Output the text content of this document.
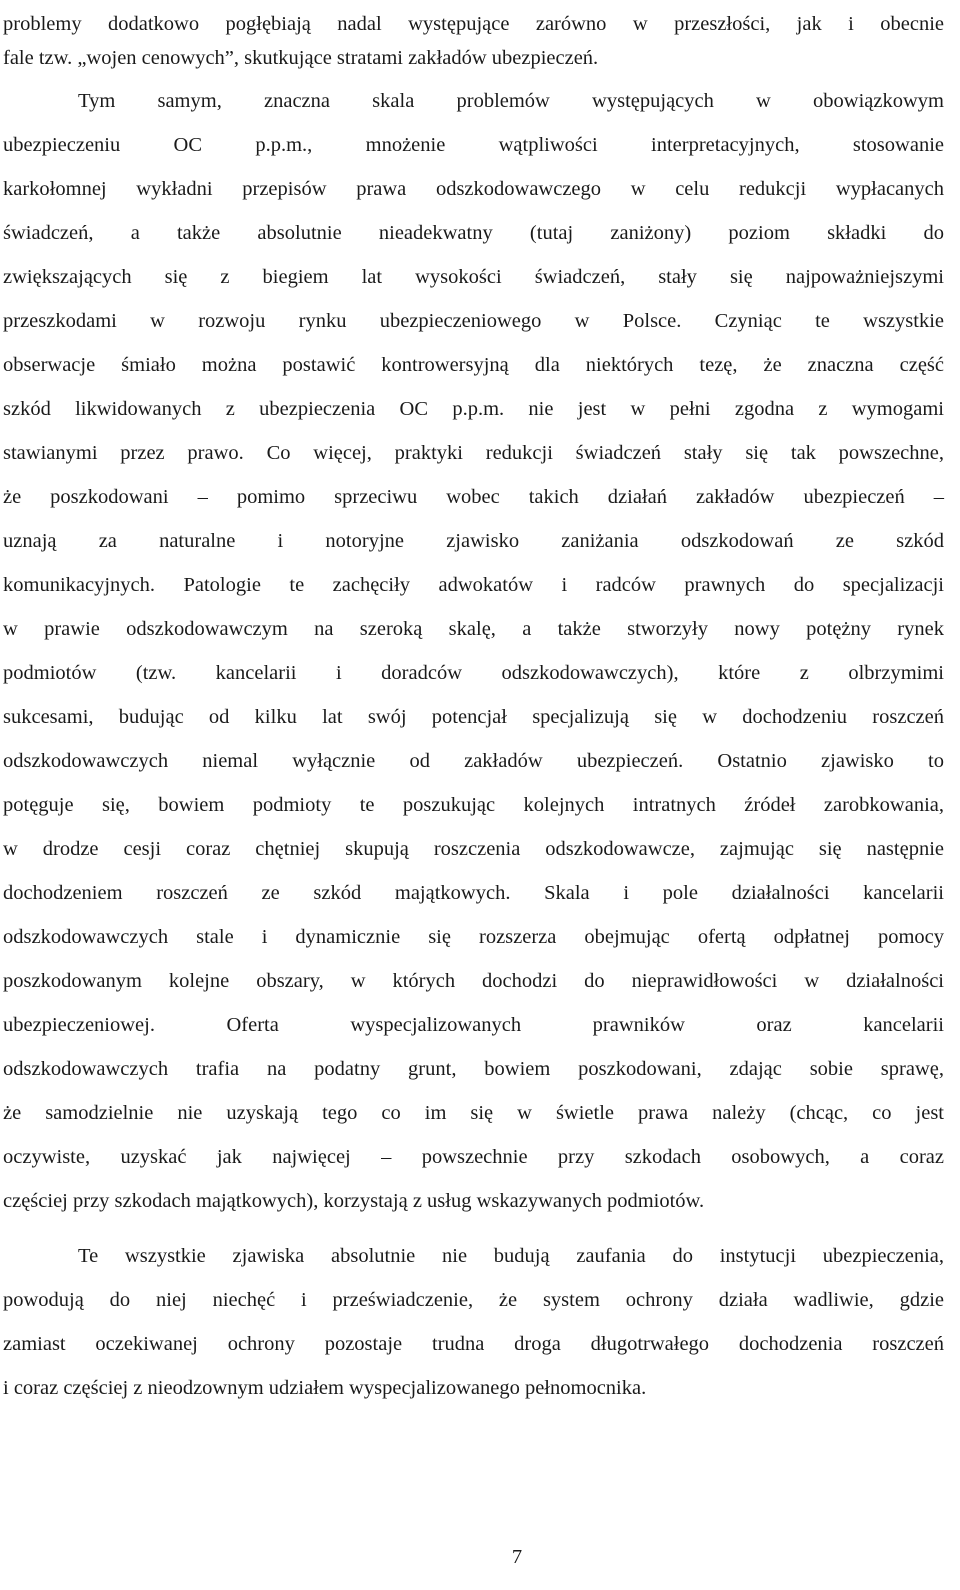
problemy dodatkowo pogłębiają nadal występujące zarówno w przeszłości, jak i obecnie
fale tzw. „wojen cenowych”, skutkujące stratami zakładów ubezpieczeń.
Tym samym, znaczna skala problemów występujących w obowiązkowym
ubezpieczeniu OC p.p.m., mnożenie wątpliwości interpretacyjnych, stosowanie
karkołomnej wykładni przepisów prawa odszkodowawczego w celu redukcji wypłacanych
świadczeń, a także absolutnie nieadekwatny (tutaj zaniżony) poziom składki do
zwiększających się z biegiem lat wysokości świadczeń, stały się najpoważniejszymi
przeszkodami w rozwoju rynku ubezpieczeniowego w Polsce. Czyniąc te wszystkie
obserwacje śmiało można postawić kontrowersyjną dla niektórych tezę, że znaczna część
szkód likwidowanych z ubezpieczenia OC p.p.m. nie jest w pełni zgodna z wymogami
stawianymi przez prawo. Co więcej, praktyki redukcji świadczeń stały się tak powszechne,
że poszkodowani – pomimo sprzeciwu wobec takich działań zakładów ubezpieczeń –
uznają za naturalne i notoryjne zjawisko zaniżania odszkodowań ze szkód
komunikacyjnych. Patologie te zachęciły adwokatów i radców prawnych do specjalizacji
w prawie odszkodowawczym na szeroką skalę, a także stworzyły nowy potężny rynek
podmiotów (tzw. kancelarii i doradców odszkodowawczych), które z olbrzymimi
sukcesami, budując od kilku lat swój potencjał specjalizują się w dochodzeniu roszczeń
odszkodowawczych niemal wyłącznie od zakładów ubezpieczeń. Ostatnio zjawisko to
potęguje się, bowiem podmioty te poszukując kolejnych intratnych źródeł zarobkowania,
w drodze cesji coraz chętniej skupują roszczenia odszkodowawcze, zajmując się następnie
dochodzeniem roszczeń ze szkód majątkowych. Skala i pole działalności kancelarii
odszkodowawczych stale i dynamicznie się rozszerza obejmując ofertą odpłatnej pomocy
poszkodowanym kolejne obszary, w których dochodzi do nieprawidłowości w działalności
ubezpieczeniowej. Oferta wyspecjalizowanych prawników oraz kancelarii
odszkodowawczych trafia na podatny grunt, bowiem poszkodowani, zdając sobie sprawę,
że samodzielnie nie uzyskają tego co im się w świetle prawa należy (chcąc, co jest
oczywiste, uzyskać jak najwięcej – powszechnie przy szkodach osobowych, a coraz
częściej przy szkodach majątkowych), korzystają z usług wskazywanych podmiotów.
Te wszystkie zjawiska absolutnie nie budują zaufania do instytucji ubezpieczenia,
powodują do niej niechęć i przeświadczenie, że system ochrony działa wadliwie, gdzie
zamiast oczekiwanej ochrony pozostaje trudna droga długotrwałego dochodzenia roszczeń
i coraz częściej z nieodzownym udziałem wyspecjalizowanego pełnomocnika.
7
